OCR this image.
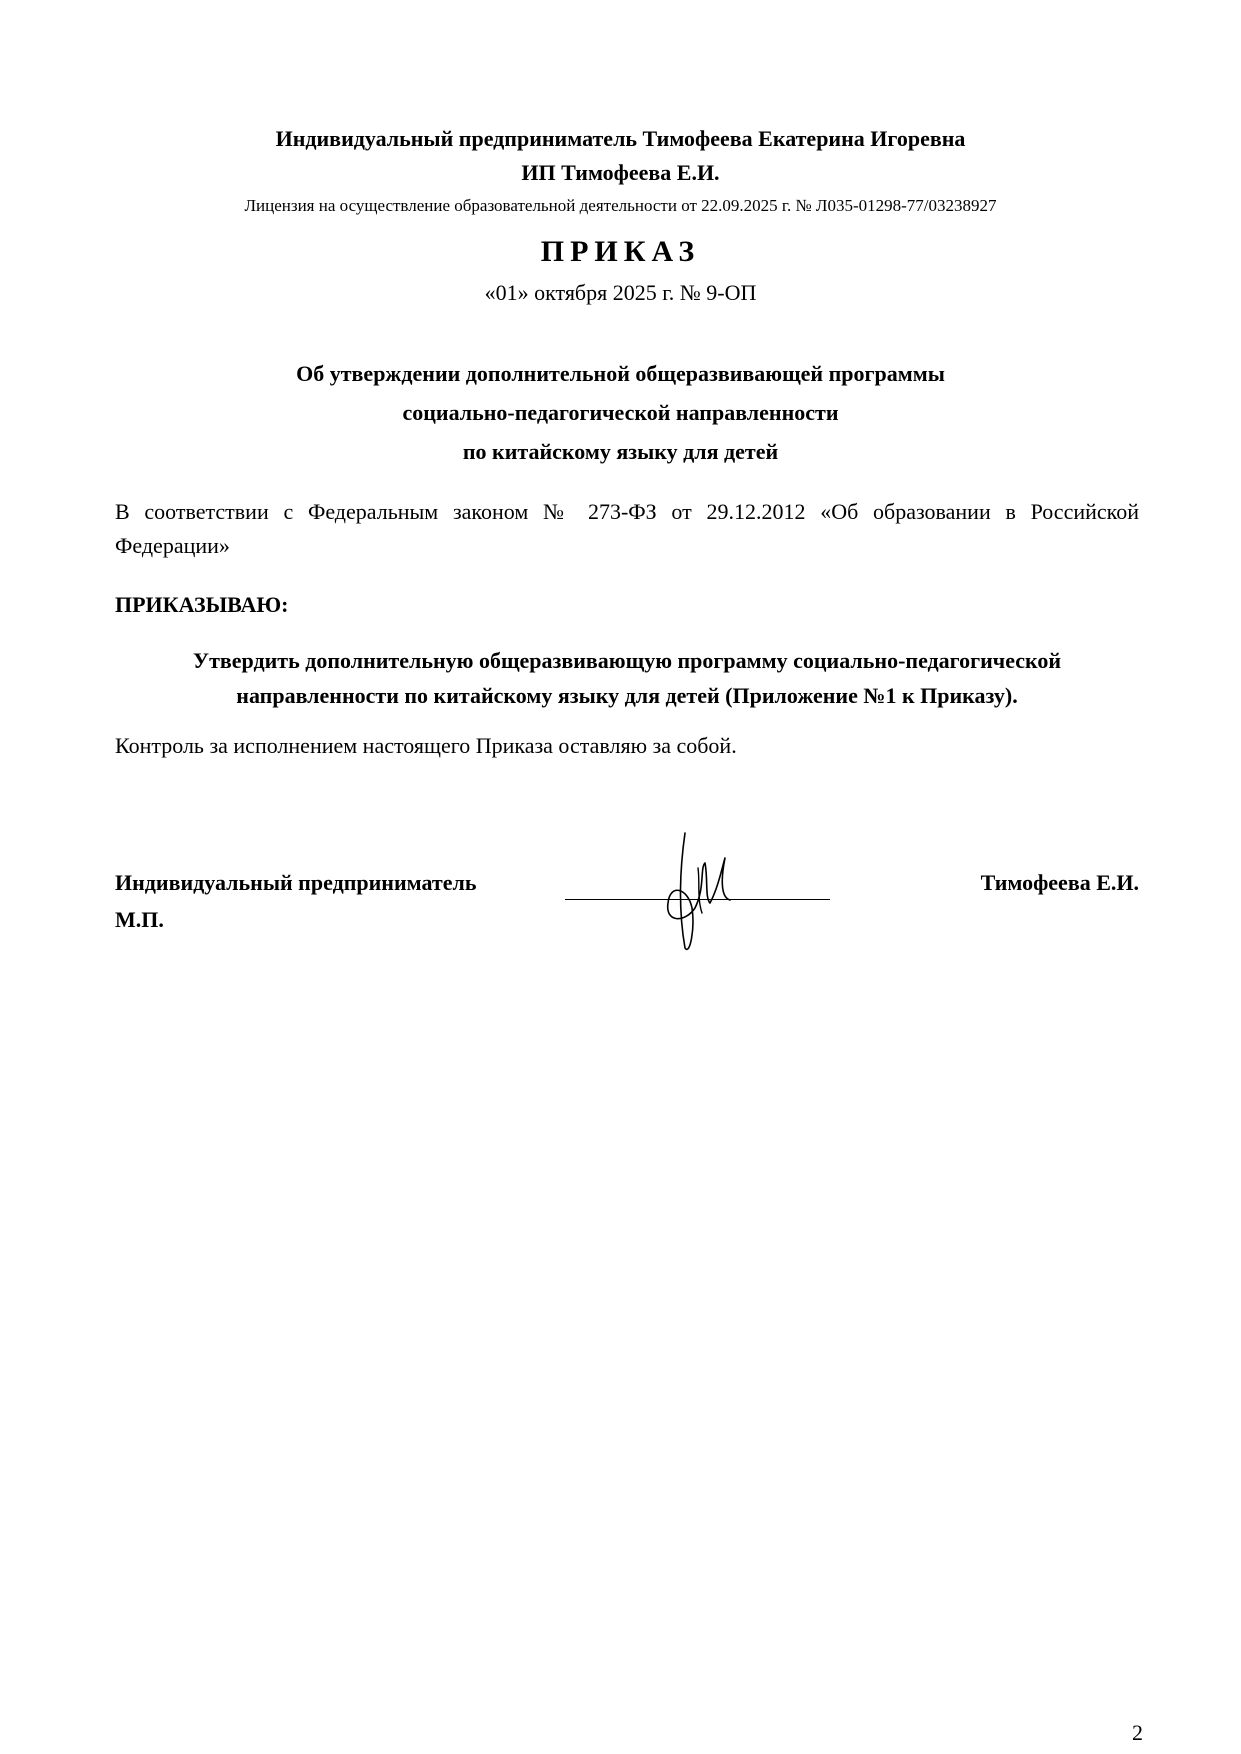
Индивидуальный предприниматель Тимофеева Екатерина Игоревна
ИП Тимофеева Е.И.
Лицензия на осуществление образовательной деятельности от 22.09.2025 г. № Л035-01298-77/03238927
ПРИКАЗ
«01» октября 2025 г. № 9-ОП
Об утверждении дополнительной общеразвивающей программы
социально-педагогической направленности
по китайскому языку для детей
В соответствии с Федеральным законом № 273-ФЗ от 29.12.2012 «Об образовании в Российской Федерации»
ПРИКАЗЫВАЮ:
Утвердить дополнительную общеразвивающую программу социально-педагогической
направленности по китайскому языку для детей (Приложение №1 к Приказу).
Контроль за исполнением настоящего Приказа оставляю за собой.
Индивидуальный предприниматель
М.П.
Тимофеева Е.И.
2
